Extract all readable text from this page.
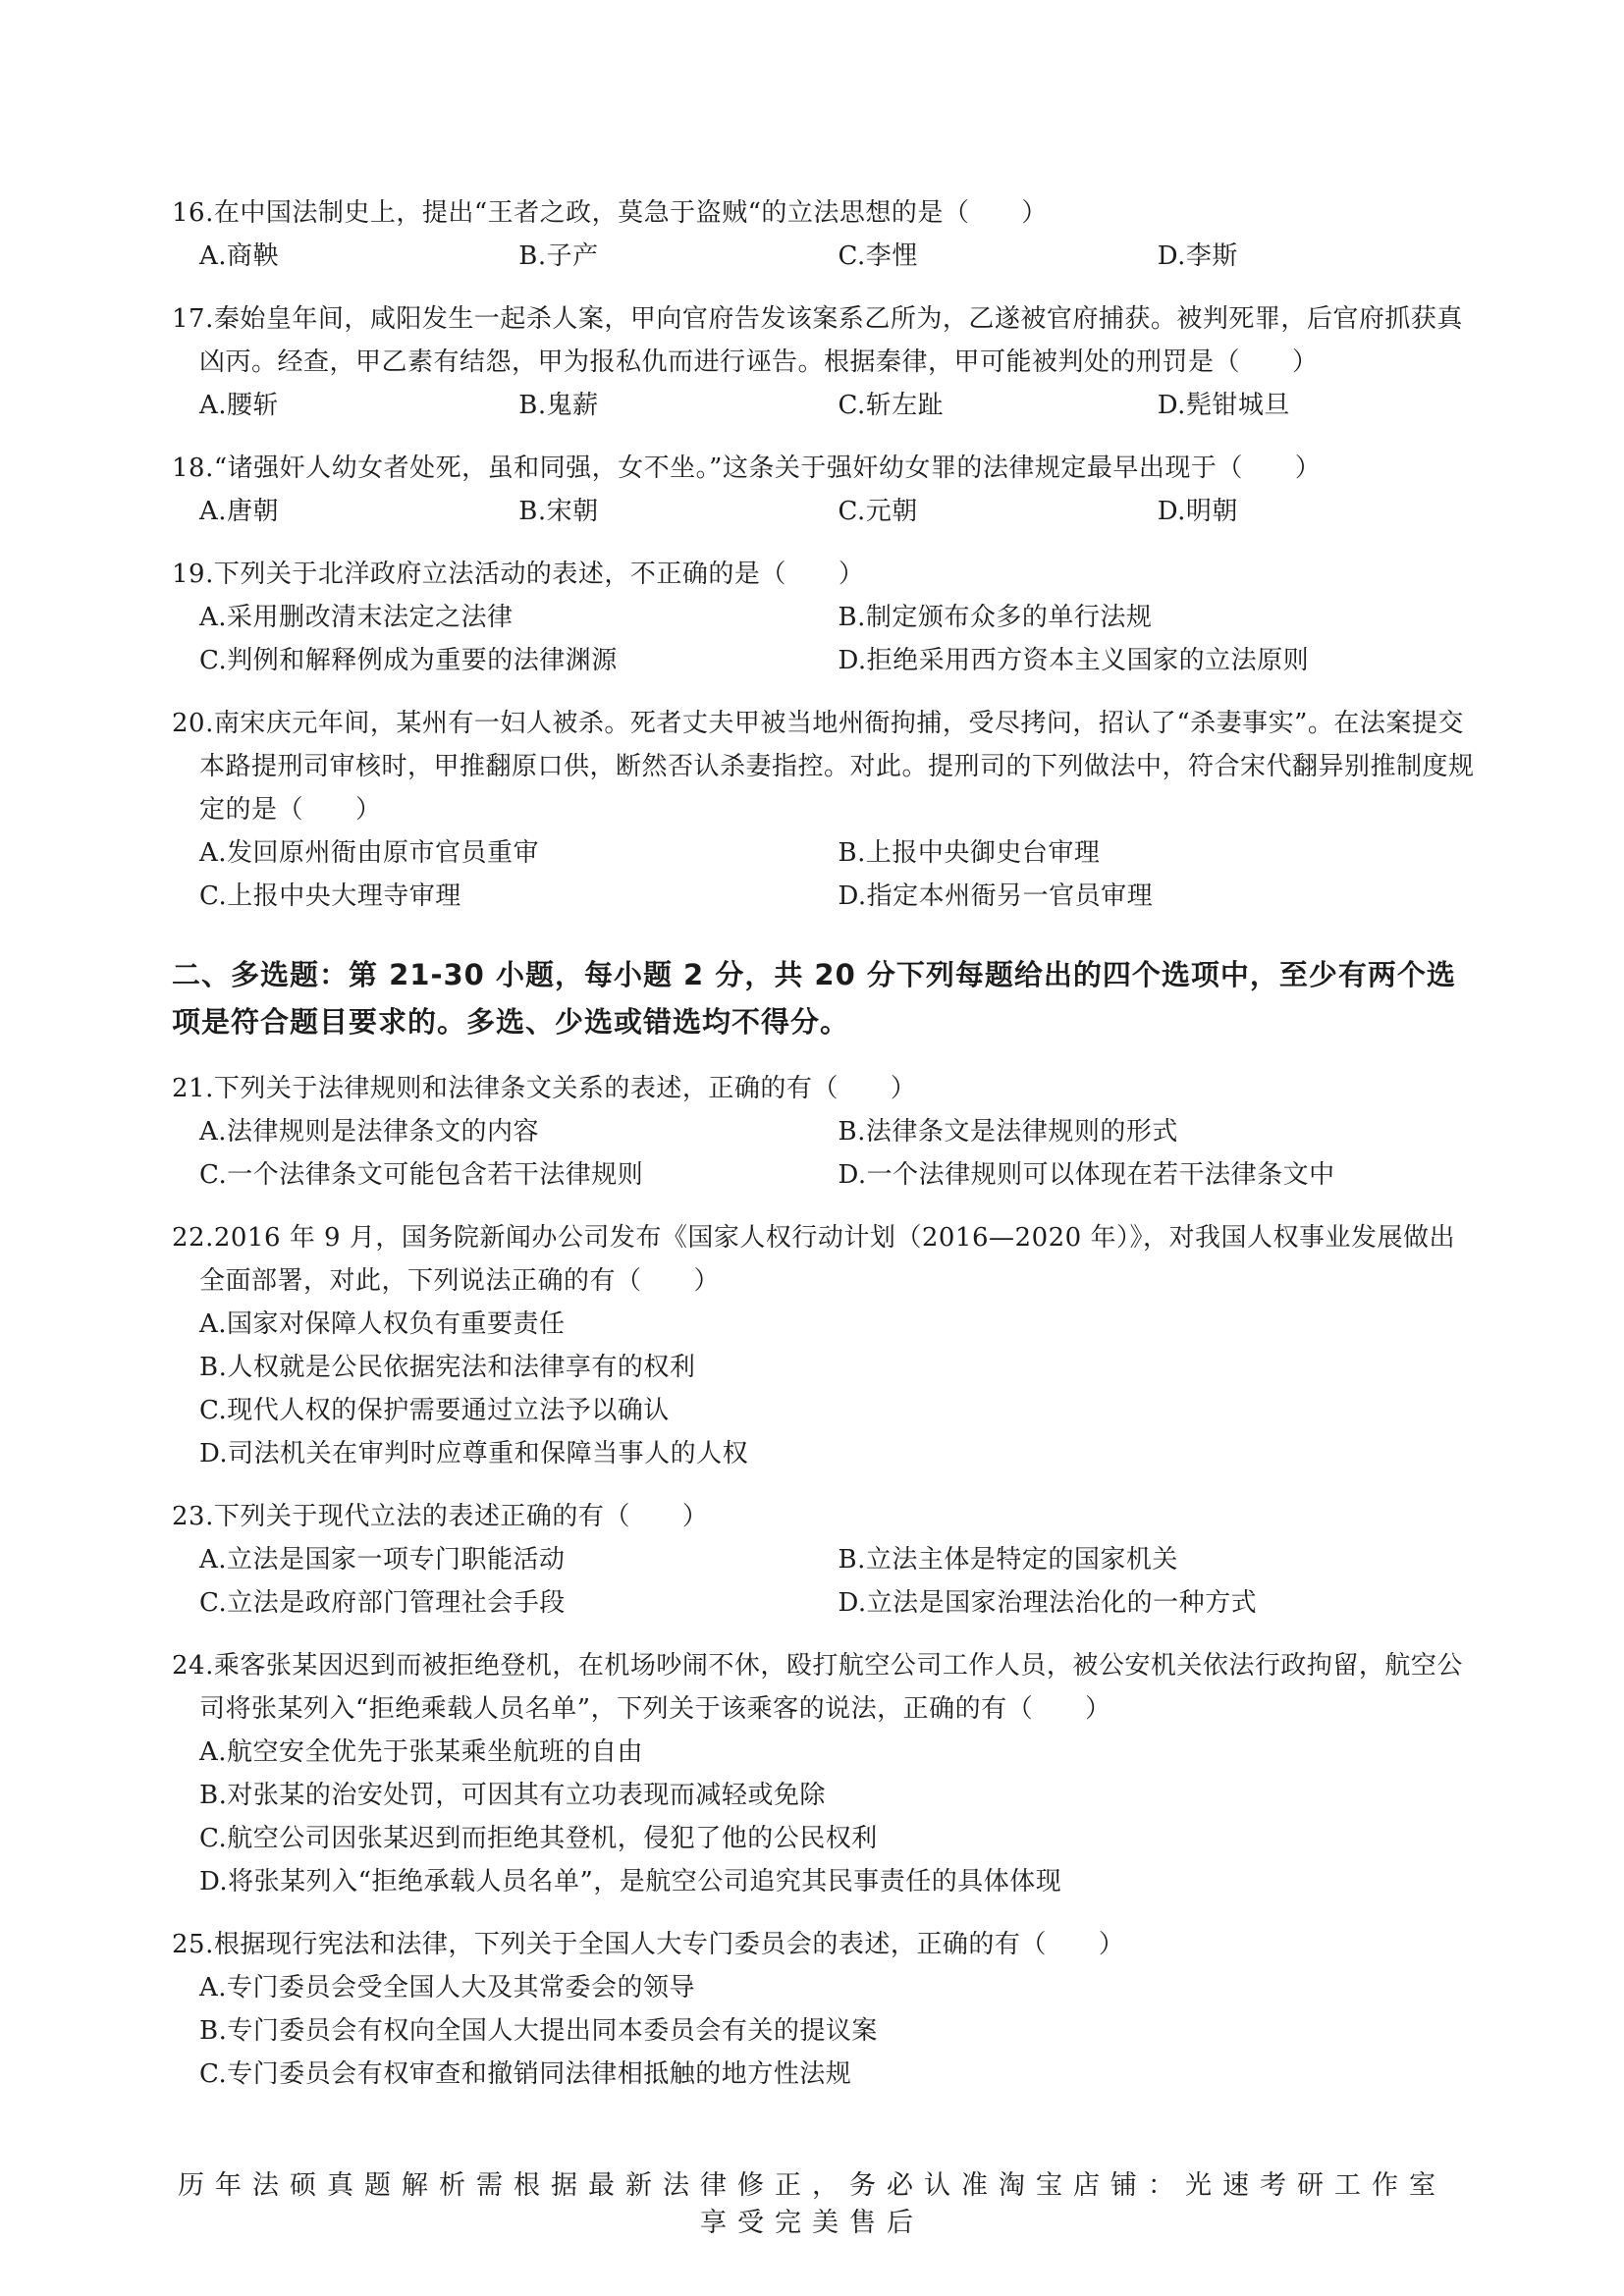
16.在中国法制史上，提出“王者之政，莫急于盗贼“的立法思想的是（　　）

A.商鞅	B.子产	C.李悝	D.李斯

17.秦始皇年间，咸阳发生一起杀人案，甲向官府告发该案系乙所为，乙遂被官府捕获。被判死罪，后官府抓获真凶丙。经查，甲乙素有结怨，甲为报私仇而进行诬告。根据秦律，甲可能被判处的刑罚是（　　）

A.腰斩	B.鬼薪	C.斩左趾	D.髡钳城旦

18.“诸强奸人幼女者处死，虽和同强，女不坐。”这条关于强奸幼女罪的法律规定最早出现于（　　）

A.唐朝	B.宋朝	C.元朝	D.明朝

19.下列关于北洋政府立法活动的表述，不正确的是（　　）

A.采用删改清末法定之法律	B.制定颁布众多的单行法规
C.判例和解释例成为重要的法律渊源	D.拒绝采用西方资本主义国家的立法原则

20.南宋庆元年间，某州有一妇人被杀。死者丈夫甲被当地州衙拘捕，受尽拷问，招认了“杀妻事实”。在法案提交本路提刑司审核时，甲推翻原口供，断然否认杀妻指控。对此。提刑司的下列做法中，符合宋代翻异别推制度规定的是（　　）

A.发回原州衙由原市官员重审	B.上报中央御史台审理
C.上报中央大理寺审理	D.指定本州衙另一官员审理
二、多选题：第 21-30 小题，每小题 2 分，共 20 分下列每题给出的四个选项中，至少有两个选项是符合题目要求的。多选、少选或错选均不得分。

21.下列关于法律规则和法律条文关系的表述，正确的有（　　）

A.法律规则是法律条文的内容	B.法律条文是法律规则的形式
C.一个法律条文可能包含若干法律规则	D.一个法律规则可以体现在若干法律条文中

22.2016 年 9 月，国务院新闻办公司发布《国家人权行动计划（2016—2020 年）》，对我国人权事业发展做出全面部署，对此，下列说法正确的有（　　）

A.国家对保障人权负有重要责任
B.人权就是公民依据宪法和法律享有的权利
C.现代人权的保护需要通过立法予以确认
D.司法机关在审判时应尊重和保障当事人的人权

23.下列关于现代立法的表述正确的有（　　）

A.立法是国家一项专门职能活动	B.立法主体是特定的国家机关
C.立法是政府部门管理社会手段	D.立法是国家治理法治化的一种方式

24.乘客张某因迟到而被拒绝登机，在机场吵闹不休，殴打航空公司工作人员，被公安机关依法行政拘留，航空公司将张某列入“拒绝乘载人员名单”，下列关于该乘客的说法，正确的有（　　）

A.航空安全优先于张某乘坐航班的自由
B.对张某的治安处罚，可因其有立功表现而减轻或免除
C.航空公司因张某迟到而拒绝其登机，侵犯了他的公民权利
D.将张某列入“拒绝承载人员名单”，是航空公司追究其民事责任的具体体现

25.根据现行宪法和法律，下列关于全国人大专门委员会的表述，正确的有（　　）

A.专门委员会受全国人大及其常委会的领导
B.专门委员会有权向全国人大提出同本委员会有关的提议案
C.专门委员会有权审查和撤销同法律相抵触的地方性法规
历年法硕真题解析需根据最新法律修正，务必认准淘宝店铺：光速考研工作室
享受完美售后
